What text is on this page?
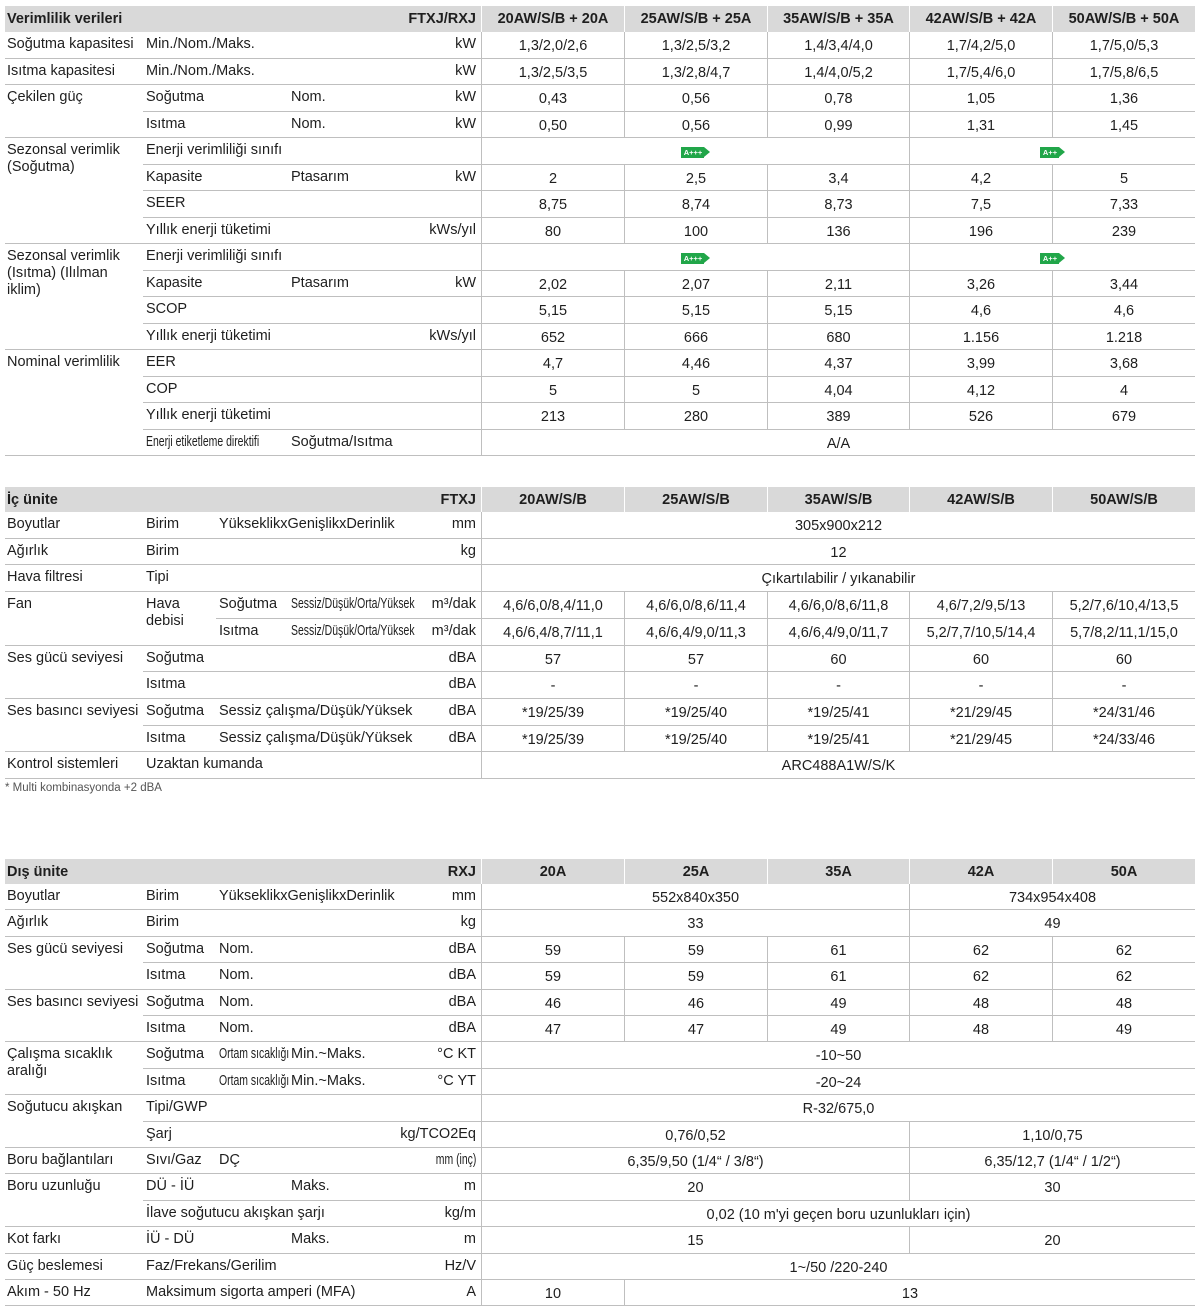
Verimlilik verileri	FTXJ/RXJ	20AW/S/B + 20A	25AW/S/B + 25A	35AW/S/B + 35A	42AW/S/B + 42A	50AW/S/B + 50A
Soğutma kapasitesi Min./Nom./Maks.	kW	1,3/2,0/2,6	1,3/2,5/3,2	1,4/3,4/4,0	1,7/4,2/5,0	1,7/5,0/5,3
Isıtma kapasitesi	Min./Nom./Maks.	kW	1,3/2,5/3,5	1,3/2,8/4,7	1,4/4,0/5,2	1,7/5,4/6,0	1,7/5,8/6,5
Çekilen güç	Soğutma	Nom.	kW	0,43	0,56	0,78	1,05	1,36
Isıtma	Nom.	kW	0,50	0,56	0,99	1,31	1,45
Sezonsal verimlik (Soğutma)
Enerji verimliliği sınıfı	A+++	A++
Kapasite	Ptasarım	kW	2	2,5	3,4	4,2	5
SEER	8,75	8,74	8,73	7,5	7,33
Yıllık enerji tüketimi	kWs/yıl	80	100	136	196	239
Sezonsal verimlik (Isıtma) (Ilılman iklim)
Enerji verimliliği sınıfı	A+++	A++
Kapasite	Ptasarım	kW	2,02	2,07	2,11	3,26	3,44
SCOP	5,15	5,15	5,15	4,6	4,6
Yıllık enerji tüketimi	kWs/yıl	652	666	680	1.156	1.218
Nominal verimlilik	EER	4,7	4,46	4,37	3,99	3,68
COP	5	5	4,04	4,12	4
Yıllık enerji tüketimi	213	280	389	526	679
Enerji etiketleme direktifi Soğutma/Isıtma	A/A
İç ünite	FTXJ	20AW/S/B	25AW/S/B	35AW/S/B	42AW/S/B	50AW/S/B
Boyutlar	Birim	YükseklikxGenişlikxDerinlik	mm	305x900x212
Ağırlık	Birim	kg	12
Hava filtresi	Tipi	Çıkartılabilir / yıkanabilir
Fan	Hava debisi
Soğutma Sessiz/Düşük/Orta/Yüksek m³/dak	4,6/6,0/8,4/11,0	4,6/6,0/8,6/11,4	4,6/6,0/8,6/11,8	4,6/7,2/9,5/13	5,2/7,6/10,4/13,5
Isıtma Sessiz/Düşük/Orta/Yüksek m³/dak	4,6/6,4/8,7/11,1	4,6/6,4/9,0/11,3	4,6/6,4/9,0/11,7	5,2/7,7/10,5/14,4	5,7/8,2/11,1/15,0
Ses gücü seviyesi	Soğutma	dBA	57	57	60	60	60
Isıtma	dBA	-	-	-	-	-
Ses basıncı seviyesi Soğutma	Sessiz çalışma/Düşük/Yüksek dBA	*19/25/39	*19/25/40	*19/25/41	*21/29/45	*24/31/46
Isıtma	Sessiz çalışma/Düşük/Yüksek dBA	*19/25/39	*19/25/40	*19/25/41	*21/29/45	*24/33/46
Kontrol sistemleri	Uzaktan kumanda	ARC488A1W/S/K
Dış ünite	RXJ	20A	25A	35A	42A	50A
Boyutlar	Birim	YükseklikxGenişlikxDerinlik	mm	552x840x350	734x954x408
Ağırlık	Birim	kg	33	49
Ses gücü seviyesi	Soğutma	Nom.	dBA	59	59	61	62	62
Isıtma	Nom.	dBA	59	59	61	62	62
Ses basıncı seviyesi Soğutma	Nom.	dBA	46	46	49	48	48
Isıtma	Nom.	dBA	47	47	49	48	49
Çalışma sıcaklık aralığı
Soğutma	Ortam sıcaklığı Min.~Maks.	°C KT	-10~50
Isıtma	Ortam sıcaklığı Min.~Maks.	°C YT	-20~24
Soğutucu akışkan	Tipi/GWP	R-32/675,0
Şarj	kg/TCO2Eq	0,76/0,52	1,10/0,75
Boru bağlantıları	Sıvı/Gaz	DÇ	mm (inç)	6,35/9,50 (1/4“ / 3/8“)	6,35/12,7 (1/4“ / 1/2“)
Boru uzunluğu	DÜ - İÜ	Maks.	m	20	30
İlave soğutucu akışkan şarjı	kg/m	0,02 (10 m'yi geçen boru uzunlukları için)
Kot farkı	İÜ - DÜ	Maks.	m	15	20
Güç beslemesi	Faz/Frekans/Gerilim	Hz/V	1~/50 /220-240
Akım - 50 Hz	Maksimum sigorta amperi (MFA)	A	10	13
* Multi kombinasyonda +2 dBA
